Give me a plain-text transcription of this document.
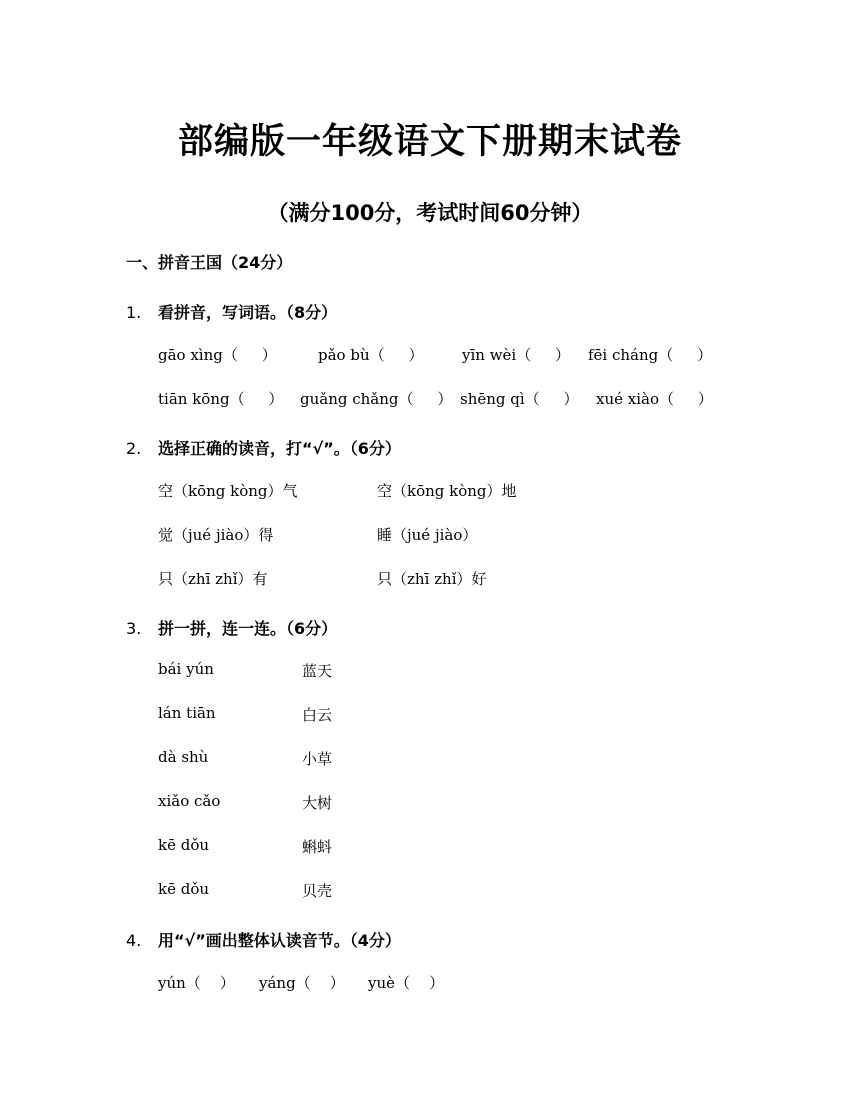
部编版一年级语文下册期末试卷
（满分100分，考试时间60分钟）
一、拼音王国（24分）
1. 看拼音，写词语。（8分）
gāo xìng（     ）	pǎo bù（     ）	yīn wèi（     ） fēi cháng（     ）
tiān kōng（     ） guǎng chǎng（     ） shēng qì（     ） xué xiào（     ）
2. 选择正确的读音，打“√”。（6分）
空（kōng kòng）气	空（kōng kòng）地
觉（jué jiào）得	睡（jué jiào）
只（zhī zhǐ）有	只（zhī zhǐ）好
3. 拼一拼，连一连。（6分）
bái yún	蓝天
lán tiān	白云
dà shù	小草
xiǎo cǎo	大树
kē dǒu	蝌蚪
kē dǒu	贝壳
4. 用“√”画出整体认读音节。（4分）
yún（    ） yáng（    ） yuè（    ）
